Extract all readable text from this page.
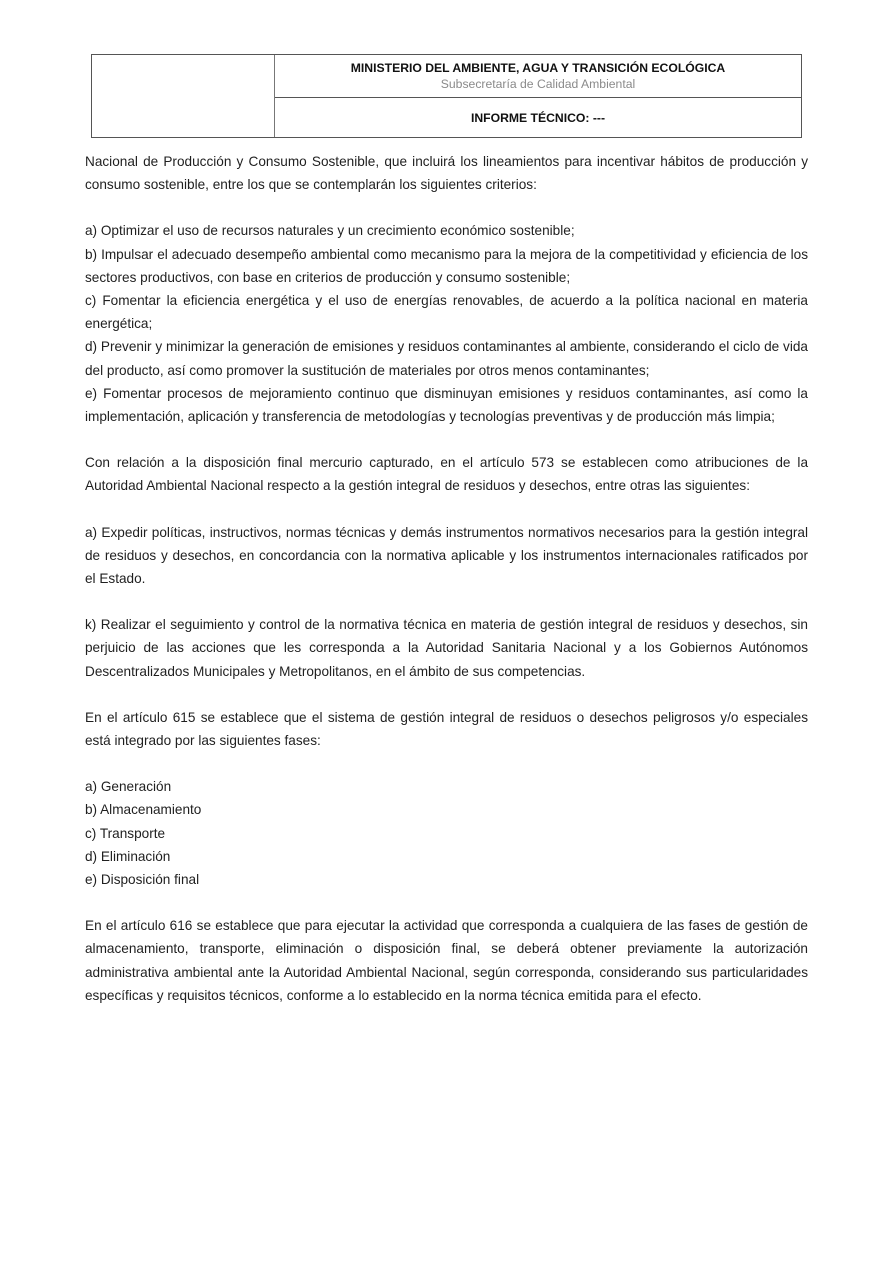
MINISTERIO DEL AMBIENTE, AGUA Y TRANSICIÓN ECOLÓGICA
Subsecretaría de Calidad Ambiental
INFORME TÉCNICO: ---

Nacional de Producción y Consumo Sostenible, que incluirá los lineamientos para incentivar hábitos de producción y consumo sostenible, entre los que se contemplarán los siguientes criterios:

a) Optimizar el uso de recursos naturales y un crecimiento económico sostenible;

b) Impulsar el adecuado desempeño ambiental como mecanismo para la mejora de la competitividad y eficiencia de los sectores productivos, con base en criterios de producción y consumo sostenible;

c) Fomentar la eficiencia energética y el uso de energías renovables, de acuerdo a la política nacional en materia energética;

d) Prevenir y minimizar la generación de emisiones y residuos contaminantes al ambiente, considerando el ciclo de vida del producto, así como promover la sustitución de materiales por otros menos contaminantes;

e) Fomentar procesos de mejoramiento continuo que disminuyan emisiones y residuos contaminantes, así como la implementación, aplicación y transferencia de metodologías y tecnologías preventivas y de producción más limpia;

Con relación a la disposición final mercurio capturado, en el artículo 573 se establecen como atribuciones de la Autoridad Ambiental Nacional respecto a la gestión integral de residuos y desechos, entre otras las siguientes:

a) Expedir políticas, instructivos, normas técnicas y demás instrumentos normativos necesarios para la gestión integral de residuos y desechos, en concordancia con la normativa aplicable y los instrumentos internacionales ratificados por el Estado.

k) Realizar el seguimiento y control de la normativa técnica en materia de gestión integral de residuos y desechos, sin perjuicio de las acciones que les corresponda a la Autoridad Sanitaria Nacional y a los Gobiernos Autónomos Descentralizados Municipales y Metropolitanos, en el ámbito de sus competencias.

En el artículo 615 se establece que el sistema de gestión integral de residuos o desechos peligrosos y/o especiales está integrado por las siguientes fases:

a) Generación

b) Almacenamiento

c) Transporte

d) Eliminación

e) Disposición final

En el artículo 616 se establece que para ejecutar la actividad que corresponda a cualquiera de las fases de gestión de almacenamiento, transporte, eliminación o disposición final, se deberá obtener previamente la autorización administrativa ambiental ante la Autoridad Ambiental Nacional, según corresponda, considerando sus particularidades específicas y requisitos técnicos, conforme a lo establecido en la norma técnica emitida para el efecto.
